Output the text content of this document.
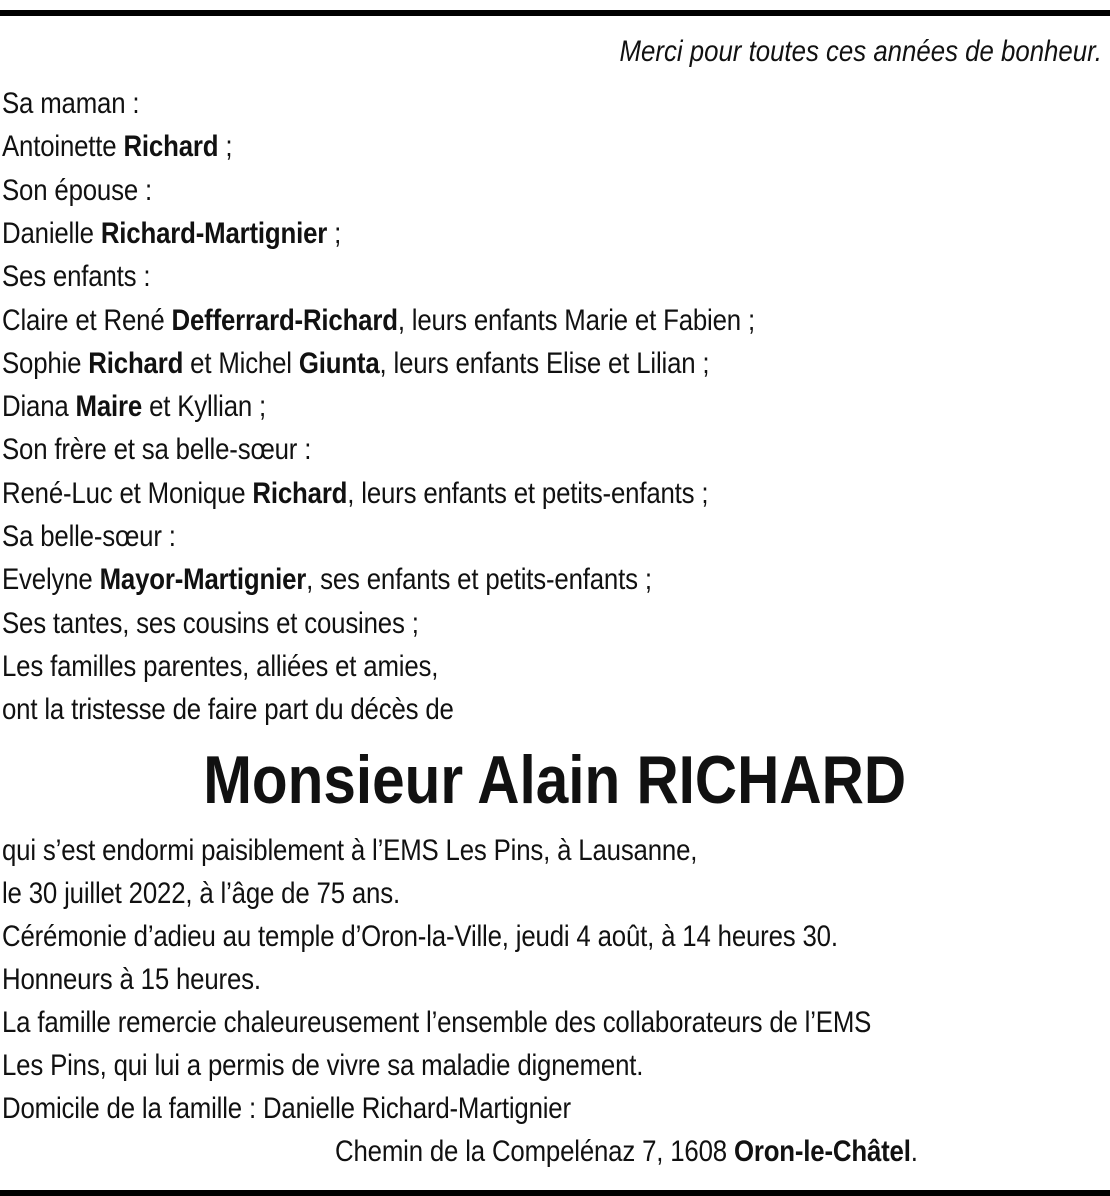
Merci pour toutes ces années de bonheur.
Sa maman :
Antoinette Richard ;
Son épouse :
Danielle Richard-Martignier ;
Ses enfants :
Claire et René Defferrard-Richard, leurs enfants Marie et Fabien ;
Sophie Richard et Michel Giunta, leurs enfants Elise et Lilian ;
Diana Maire et Kyllian ;
Son frère et sa belle-sœur :
René-Luc et Monique Richard, leurs enfants et petits-enfants ;
Sa belle-sœur :
Evelyne Mayor-Martignier, ses enfants et petits-enfants ;
Ses tantes, ses cousins et cousines ;
Les familles parentes, alliées et amies,
ont la tristesse de faire part du décès de
Monsieur Alain RICHARD
qui s’est endormi paisiblement à l’EMS Les Pins, à Lausanne,
le 30 juillet 2022, à l’âge de 75 ans.
Cérémonie d’adieu au temple d’Oron-la-Ville, jeudi 4 août, à 14 heures 30.
Honneurs à 15 heures.
La famille remercie chaleureusement l’ensemble des collaborateurs de l’EMS
Les Pins, qui lui a permis de vivre sa maladie dignement.
Domicile de la famille : Danielle Richard-Martignier
Chemin de la Compelénaz 7, 1608 Oron-le-Châtel.
